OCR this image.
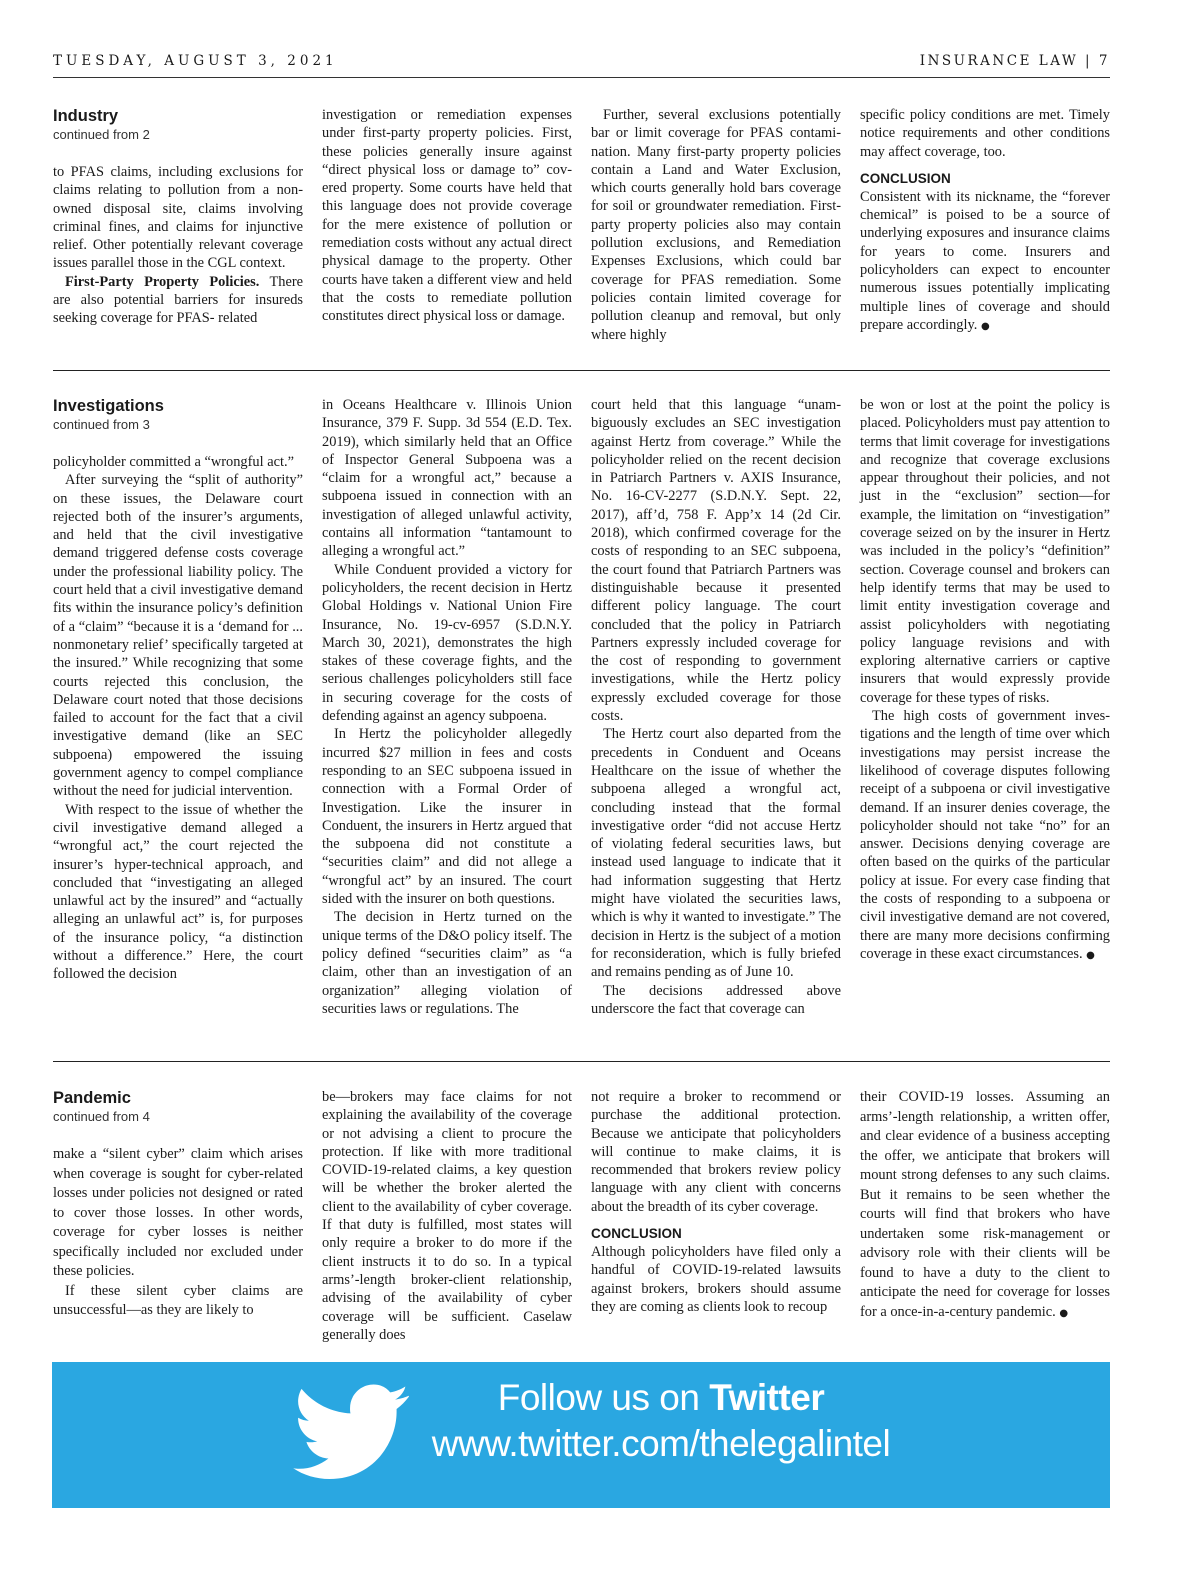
TUESDAY, AUGUST 3, 2021	INSURANCE LAW | 7
Industry
continued from 2

to PFAS claims, including exclusions for claims relating to pollution from a nonowned disposal site, claims involving criminal fines, and claims for injunctive relief. Other potentially relevant coverage issues parallel those in the CGL context.

First-Party Property Policies. There are also potential barriers for insureds seeking coverage for PFAS- related

investigation or remediation expenses under first-party property policies. First, these policies generally insure against “direct physical loss or damage to” covered property. Some courts have held that this language does not provide coverage for the mere existence of pollution or remediation costs without any actual direct physical damage to the property. Other courts have taken a different view and held that the costs to remediate pollution constitutes direct physical loss or damage.

Further, several exclusions potentially bar or limit coverage for PFAS contamination. Many first-party property policies contain a Land and Water Exclusion, which courts generally hold bars coverage for soil or groundwater remediation. First-party property policies also may contain pollution exclusions, and Remediation Expenses Exclusions, which could bar coverage for PFAS remediation. Some policies contain limited coverage for pollution cleanup and removal, but only where highly

specific policy conditions are met. Timely notice requirements and other conditions may affect coverage, too.

CONCLUSION

Consistent with its nickname, the “forever chemical” is poised to be a source of underlying exposures and insurance claims for years to come. Insurers and policyholders can expect to encounter numerous issues potentially implicating multiple lines of coverage and should prepare accordingly. ●

Investigations
continued from 3

policyholder committed a “wrongful act.”

After surveying the “split of authority” on these issues, the Delaware court rejected both of the insurer’s arguments, and held that the civil investigative demand triggered defense costs coverage under the professional liability policy. The court held that a civil investigative demand fits within the insurance policy’s definition of a “claim” “because it is a ‘demand for ... nonmonetary relief’ specifically targeted at the insured.” While recognizing that some courts rejected this conclusion, the Delaware court noted that those decisions failed to account for the fact that a civil investigative demand (like an SEC subpoena) empowered the issuing government agency to compel compliance without the need for judicial intervention.

With respect to the issue of whether the civil investigative demand alleged a “wrongful act,” the court rejected the insurer’s hyper-technical approach, and concluded that “investigating an alleged unlawful act by the insured” and “actually alleging an unlawful act” is, for purposes of the insurance policy, “a distinction without a difference.” Here, the court followed the decision

in Oceans Healthcare v. Illinois Union Insurance, 379 F. Supp. 3d 554 (E.D. Tex. 2019), which similarly held that an Office of Inspector General Subpoena was a “claim for a wrongful act,” because a subpoena issued in connection with an investigation of alleged unlawful activity, contains all information “tantamount to alleging a wrongful act.”

While Conduent provided a victory for policyholders, the recent decision in Hertz Global Holdings v. National Union Fire Insurance, No. 19-cv-6957 (S.D.N.Y. March 30, 2021), demonstrates the high stakes of these coverage fights, and the serious challenges policyholders still face in securing coverage for the costs of defending against an agency subpoena.

In Hertz the policyholder allegedly incurred $27 million in fees and costs responding to an SEC subpoena issued in connection with a Formal Order of Investigation. Like the insurer in Conduent, the insurers in Hertz argued that the subpoena did not constitute a “securities claim” and did not allege a “wrongful act” by an insured. The court sided with the insurer on both questions.

The decision in Hertz turned on the unique terms of the D&O policy itself. The policy defined “securities claim” as “a claim, other than an investigation of an organization” alleging violation of securities laws or regulations. The

court held that this language “unambiguously excludes an SEC investigation against Hertz from coverage.” While the policyholder relied on the recent decision in Patriarch Partners v. AXIS Insurance, No. 16-CV-2277 (S.D.N.Y. Sept. 22, 2017), aff’d, 758 F. App’x 14 (2d Cir. 2018), which confirmed coverage for the costs of responding to an SEC subpoena, the court found that Patriarch Partners was distinguishable because it presented different policy language. The court concluded that the policy in Patriarch Partners expressly included coverage for the cost of responding to government investigations, while the Hertz policy expressly excluded coverage for those costs.

The Hertz court also departed from the precedents in Conduent and Oceans Healthcare on the issue of whether the subpoena alleged a wrongful act, concluding instead that the formal investigative order “did not accuse Hertz of violating federal securities laws, but instead used language to indicate that it had information suggesting that Hertz might have violated the securities laws, which is why it wanted to investigate.” The decision in Hertz is the subject of a motion for reconsideration, which is fully briefed and remains pending as of June 10.

The decisions addressed above underscore the fact that coverage can

be won or lost at the point the policy is placed. Policyholders must pay attention to terms that limit coverage for investigations and recognize that coverage exclusions appear throughout their policies, and not just in the “exclusion” section—for example, the limitation on “investigation” coverage seized on by the insurer in Hertz was included in the policy’s “definition” section. Coverage counsel and brokers can help identify terms that may be used to limit entity investigation coverage and assist policyholders with negotiating policy language revisions and with exploring alternative carriers or captive insurers that would expressly provide coverage for these types of risks.

The high costs of government investigations and the length of time over which investigations may persist increase the likelihood of coverage disputes following receipt of a subpoena or civil investigative demand. If an insurer denies coverage, the policyholder should not take “no” for an answer. Decisions denying coverage are often based on the quirks of the particular policy at issue. For every case finding that the costs of responding to a subpoena or civil investigative demand are not covered, there are many more decisions confirming coverage in these exact circumstances. ●

Pandemic
continued from 4

make a “silent cyber” claim which arises when coverage is sought for cyber-related losses under policies not designed or rated to cover those losses. In other words, coverage for cyber losses is neither specifically included nor excluded under these policies.

If these silent cyber claims are unsuccessful—as they are likely to

be—brokers may face claims for not explaining the availability of the coverage or not advising a client to procure the protection. If like with more traditional COVID-19-related claims, a key question will be whether the broker alerted the client to the availability of cyber coverage. If that duty is fulfilled, most states will only require a broker to do more if the client instructs it to do so. In a typical arms’-length broker-client relationship, advising of the availability of cyber coverage will be sufficient. Caselaw generally does

not require a broker to recommend or purchase the additional protection. Because we anticipate that policyholders will continue to make claims, it is recommended that brokers review policy language with any client with concerns about the breadth of its cyber coverage.

CONCLUSION

Although policyholders have filed only a handful of COVID-19-related lawsuits against brokers, brokers should assume they are coming as clients look to recoup

their COVID-19 losses. Assuming an arms’-length relationship, a written offer, and clear evidence of a business accepting the offer, we anticipate that brokers will mount strong defenses to any such claims. But it remains to be seen whether the courts will find that brokers who have undertaken some risk-management or advisory role with their clients will be found to have a duty to the client to anticipate the need for coverage for losses for a once-in-a-century pandemic. ●

Follow us on Twitter
www.twitter.com/thelegalintel
